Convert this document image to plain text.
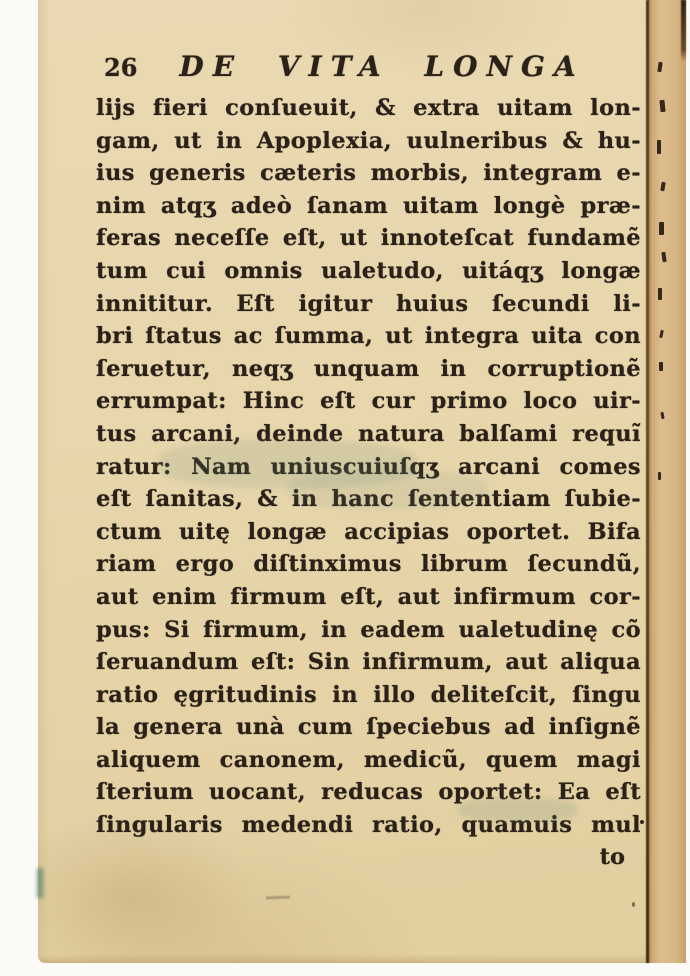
26 DE VITA LONGA
lijs fieri conſueuit, & extra uitam lon-
gam, ut in Apoplexia, uulneribus & hu-
ius generis cæteris morbis, integram e-
nim atqʒ adeò ſanam uitam longè præ-
feras neceſſe eſt, ut innoteſcat fundamẽ
tum cui omnis ualetudo, uitáqʒ longæ
innititur.  Eſt igitur huius ſecundi li-
bri ſtatus ac ſumma, ut integra uita con
ſeruetur, neqʒ unquam in corruptionẽ
errumpat: Hinc eſt cur primo loco uir-
tus arcani, deinde natura balſami requĩ
ratur: Nam uniuscuiuſqʒ arcani comes
eſt ſanitas, & in hanc ſententiam ſubie-
ctum uitę longæ accipias oportet. Bifa
riam ergo diſtinximus librum ſecundũ,
aut enim firmum eſt, aut infirmum cor-
pus: Si firmum, in eadem ualetudinę cõ
ſeruandum eſt: Sin infirmum, aut aliqua
ratio ęgritudinis in illo deliteſcit, ſingu
la genera unà cum ſpeciebus ad inſignẽ
aliquem canonem, medicũ, quem magi
ſterium uocant, reducas oportet: Ea eſt
ſingularis medendi ratio, quamuis mul
to
